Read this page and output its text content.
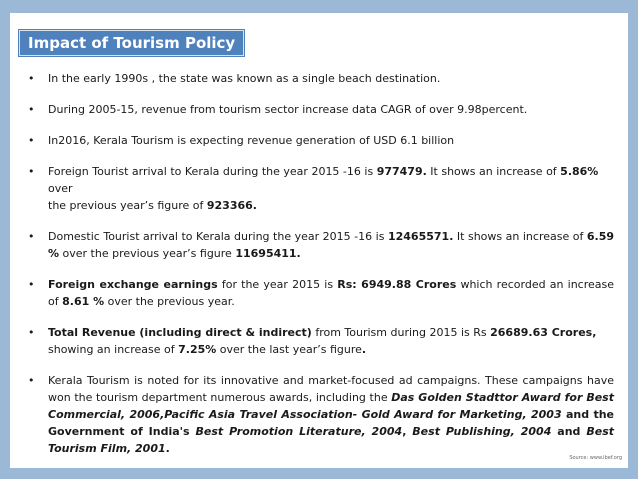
Impact of Tourism Policy
• In the early 1990s , the state was known as a single beach destination.
• During 2005-15, revenue from tourism sector increase data CAGR of over 9.98percent.
• In2016, Kerala Tourism is expecting revenue generation of USD 6.1 billion
• Foreign Tourist arrival to Kerala during the year 2015 -16 is 977479. It shows an increase of 5.86%
over
the previous year’s figure of 923366.
• Domestic Tourist arrival to Kerala during the year 2015 -16 is 12465571. It shows an increase of 6.59 % over the previous year’s figure 11695411.
• Foreign exchange earnings for the year 2015 is Rs: 6949.88 Crores which recorded an increase of 8.61 % over the previous year.
• Total Revenue (including direct & indirect) from Tourism during 2015 is Rs 26689.63 Crores,
showing an increase of 7.25% over the last year’s figure.
• Kerala Tourism is noted for its innovative and market-focused ad campaigns. These campaigns have won the tourism department numerous awards, including the Das Golden Stadttor Award for Best Commercial, 2006,Pacific Asia Travel Association- Gold Award for Marketing, 2003 and the Government of India's Best Promotion Literature, 2004, Best Publishing, 2004 and Best Tourism Film, 2001.
Source: www.ibef.org
